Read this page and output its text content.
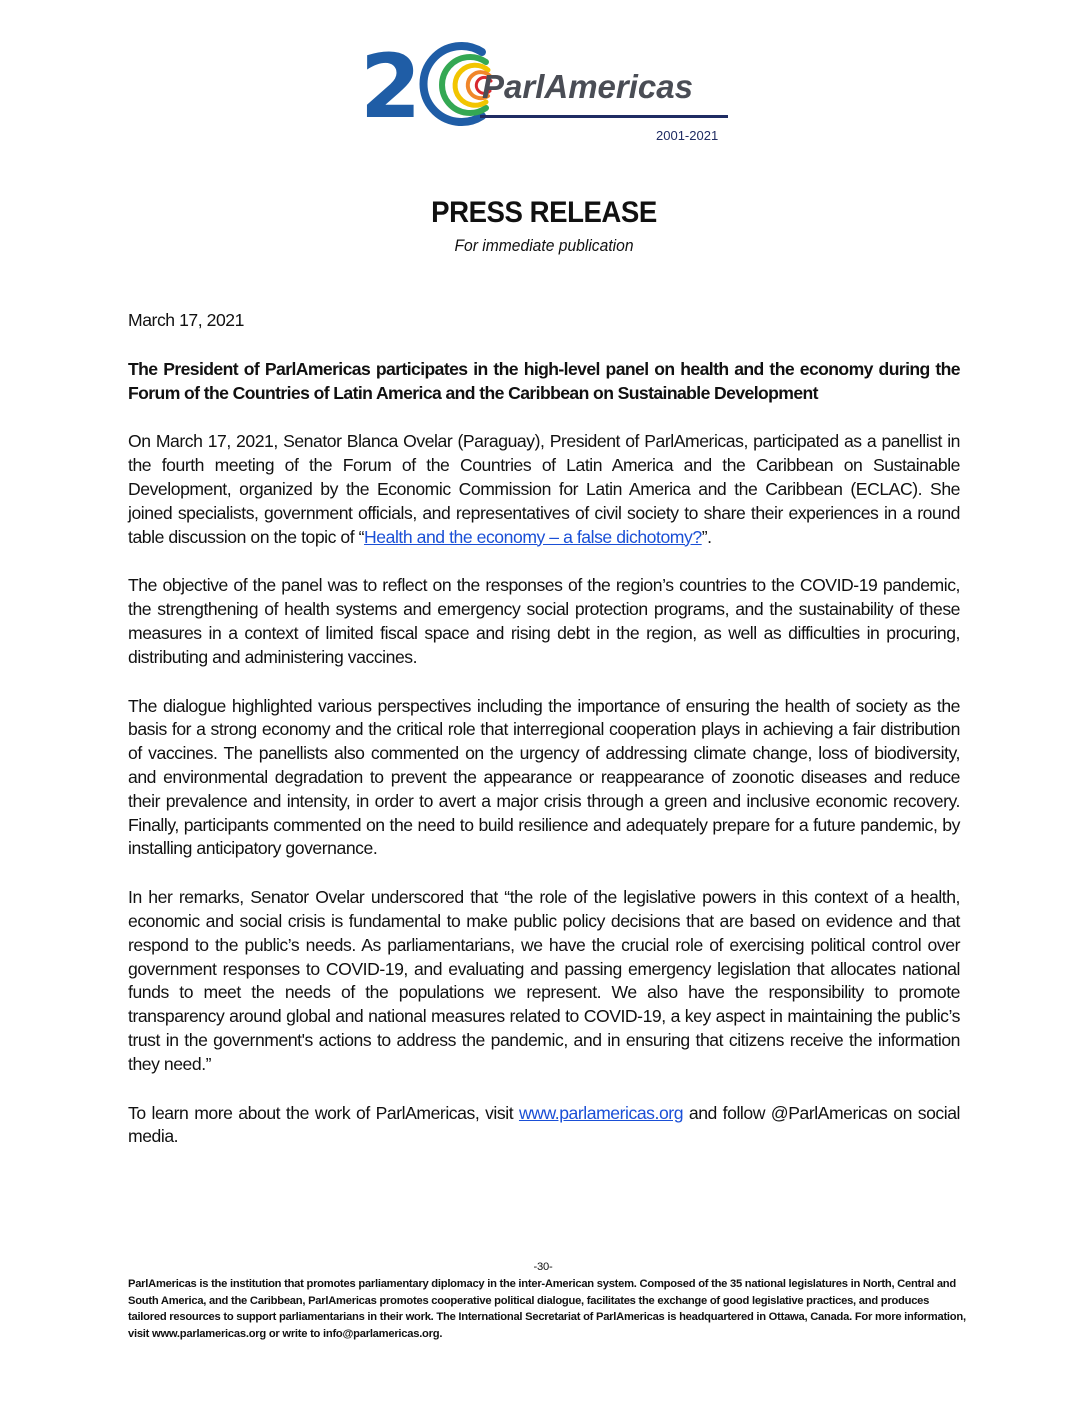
2 ParlAmericas
2001-2021
PRESS RELEASE
For immediate publication

March 17, 2021

The President of ParlAmericas participates in the high-level panel on health and the economy during the Forum of the Countries of Latin America and the Caribbean on Sustainable Development

On March 17, 2021, Senator Blanca Ovelar (Paraguay), President of ParlAmericas, participated as a panellist in the fourth meeting of the Forum of the Countries of Latin America and the Caribbean on Sustainable Development, organized by the Economic Commission for Latin America and the Caribbean (ECLAC). She joined specialists, government officials, and representatives of civil society to share their experiences in a round table discussion on the topic of “Health and the economy – a false dichotomy?”.

The objective of the panel was to reflect on the responses of the region’s countries to the COVID-19 pandemic, the strengthening of health systems and emergency social protection programs, and the sustainability of these measures in a context of limited fiscal space and rising debt in the region, as well as difficulties in procuring, distributing and administering vaccines.

The dialogue highlighted various perspectives including the importance of ensuring the health of society as the basis for a strong economy and the critical role that interregional cooperation plays in achieving a fair distribution of vaccines. The panellists also commented on the urgency of addressing climate change, loss of biodiversity, and environmental degradation to prevent the appearance or reappearance of zoonotic diseases and reduce their prevalence and intensity, in order to avert a major crisis through a green and inclusive economic recovery. Finally, participants commented on the need to build resilience and adequately prepare for a future pandemic, by installing anticipatory governance.

In her remarks, Senator Ovelar underscored that “the role of the legislative powers in this context of a health, economic and social crisis is fundamental to make public policy decisions that are based on evidence and that respond to the public’s needs. As parliamentarians, we have the crucial role of exercising political control over government responses to COVID-19, and evaluating and passing emergency legislation that allocates national funds to meet the needs of the populations we represent. We also have the responsibility to promote transparency around global and national measures related to COVID-19, a key aspect in maintaining the public’s trust in the government's actions to address the pandemic, and in ensuring that citizens receive the information they need.”

To learn more about the work of ParlAmericas, visit www.parlamericas.org and follow @ParlAmericas on social media.

-30-
ParlAmericas is the institution that promotes parliamentary diplomacy in the inter-American system. Composed of the 35 national legislatures in North, Central and South America, and the Caribbean, ParlAmericas promotes cooperative political dialogue, facilitates the exchange of good legislative practices, and produces tailored resources to support parliamentarians in their work. The International Secretariat of ParlAmericas is headquartered in Ottawa, Canada. For more information, visit www.parlamericas.org or write to info@parlamericas.org.
